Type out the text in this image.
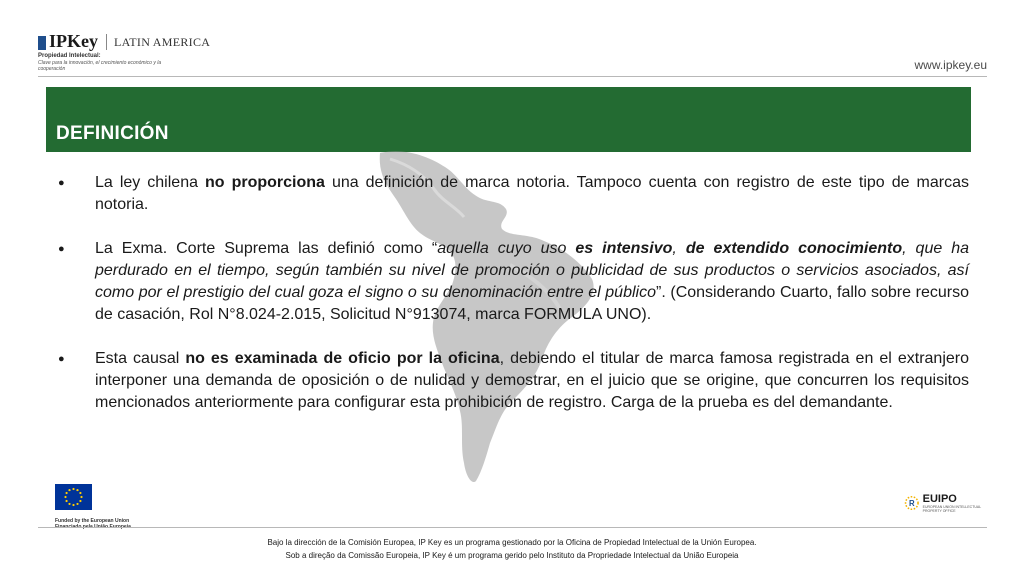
IPKey LATIN AMERICA
Propiedad Intelectual:
Clave para la innovación, el crecimiento económico y la cooperación	www.ipkey.eu
DEFINICIÓN
● La ley chilena no proporciona una definición de marca notoria. Tampoco cuenta con registro de este tipo de marcas notoria.
● La Exma. Corte Suprema las definió como “aquella cuyo uso es intensivo, de extendido conocimiento, que ha perdurado en el tiempo, según también su nivel de promoción o publicidad de sus productos o servicios asociados, así como por el prestigio del cual goza el signo o su denominación entre el público”. (Considerando Cuarto, fallo sobre recurso de casación, Rol N°8.024-2.015, Solicitud N°913074, marca FORMULA UNO).
● Esta causal no es examinada de oficio por la oficina, debiendo el titular de marca famosa registrada en el extranjero interponer una demanda de oposición o de nulidad y demostrar, en el juicio que se origine, que concurren los requisitos mencionados anteriormente para configurar esta prohibición de registro. Carga de la prueba es del demandante.
Funded by the European Union
R EUIPO
EUROPEAN UNION INTELLECTUAL PROPERTY OFFICE
Bajo la dirección de la Comisión Europea, IP Key es un programa gestionado por la Oficina de Propiedad Intelectual de la Unión Europea.
Sob a direção da Comissão Europeia, IP Key é um programa gerido pelo Instituto da Propriedade Intelectual da União Europeia
